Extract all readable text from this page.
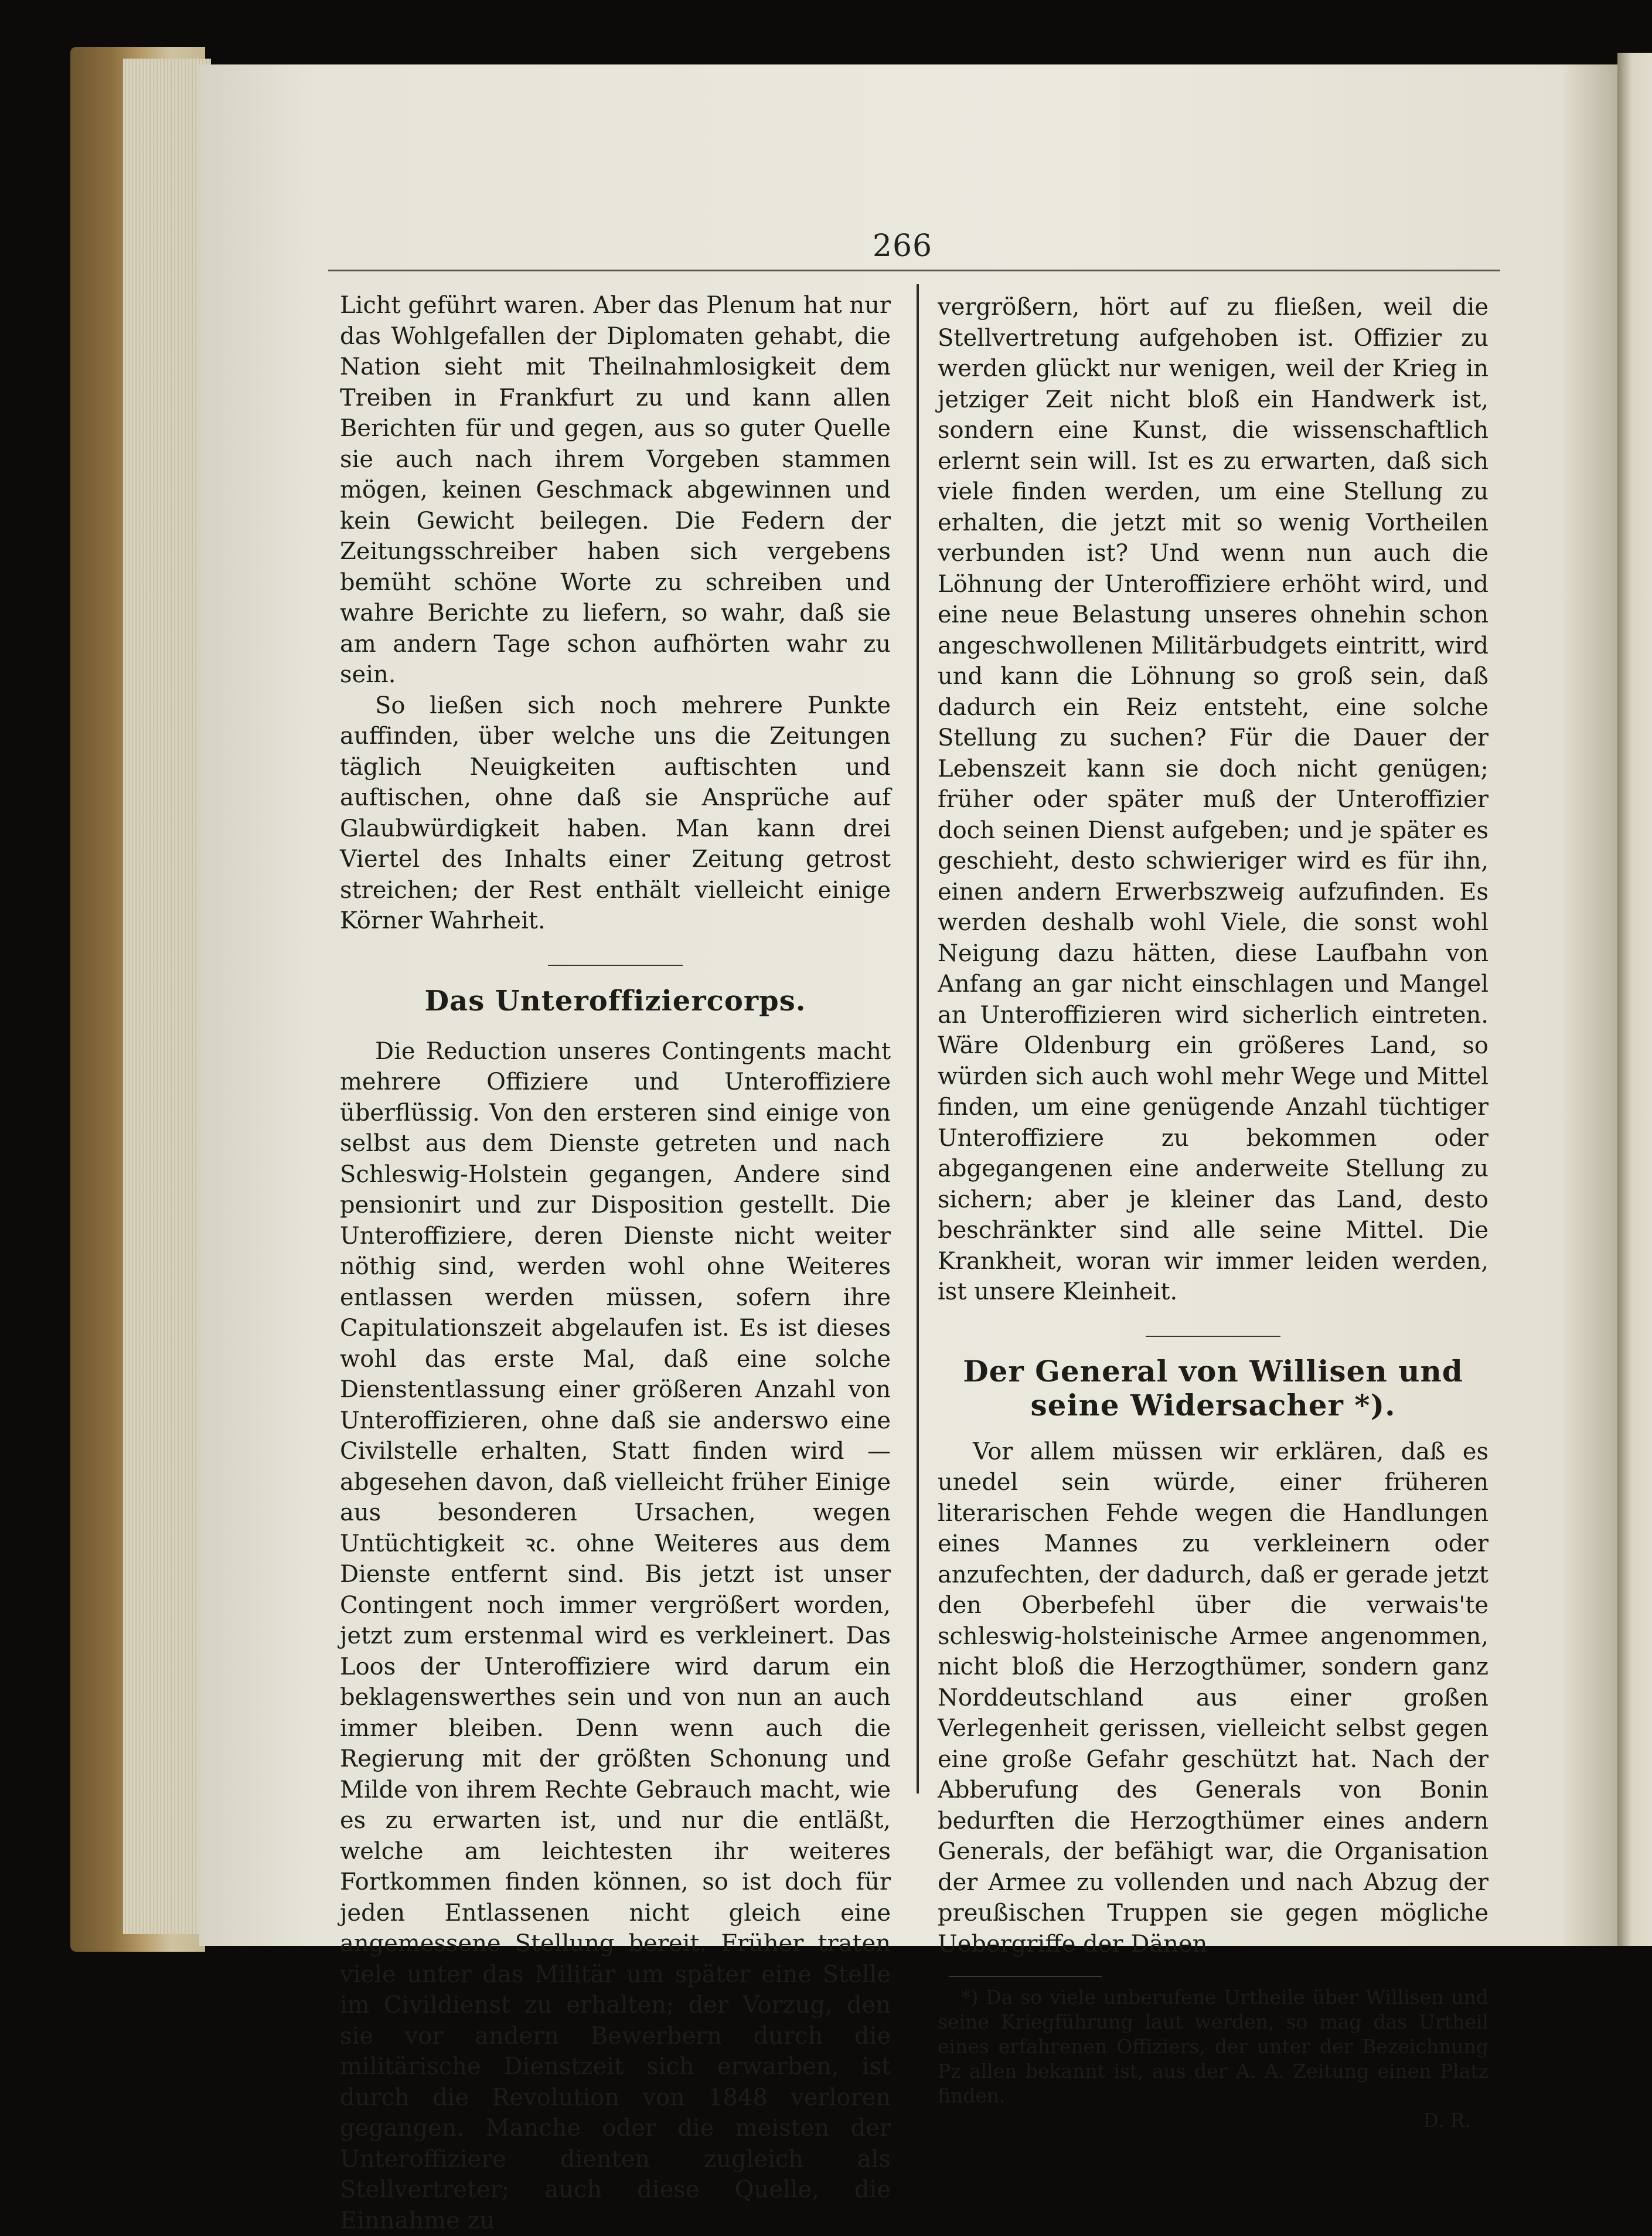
266

Licht geführt waren. Aber das Plenum hat nur das Wohlgefallen der Diplomaten gehabt, die Nation sieht mit Theilnahmlosigkeit dem Treiben in Frankfurt zu und kann allen Berichten für und gegen, aus so guter Quelle sie auch nach ihrem Vorgeben stammen mögen, keinen Geschmack abgewinnen und kein Gewicht beilegen. Die Federn der Zeitungsschreiber haben sich vergebens bemüht schöne Worte zu schreiben und wahre Berichte zu liefern, so wahr, daß sie am andern Tage schon aufhörten wahr zu sein.

So ließen sich noch mehrere Punkte auffinden, über welche uns die Zeitungen täglich Neuigkeiten auftischten und auftischen, ohne daß sie Ansprüche auf Glaubwürdigkeit haben. Man kann drei Viertel des Inhalts einer Zeitung getrost streichen; der Rest enthält vielleicht einige Körner Wahrheit.

Das Unteroffiziercorps.

Die Reduction unseres Contingents macht mehrere Offiziere und Unteroffiziere überflüssig. Von den ersteren sind einige von selbst aus dem Dienste getreten und nach Schleswig-Holstein gegangen, Andere sind pensionirt und zur Disposition gestellt. Die Unteroffiziere, deren Dienste nicht weiter nöthig sind, werden wohl ohne Weiteres entlassen werden müssen, sofern ihre Capitulationszeit abgelaufen ist. Es ist dieses wohl das erste Mal, daß eine solche Dienstentlassung einer größeren Anzahl von Unteroffizieren, ohne daß sie anderswo eine Civilstelle erhalten, Statt finden wird — abgesehen davon, daß vielleicht früher Einige aus besonderen Ursachen, wegen Untüchtigkeit ꝛc. ohne Weiteres aus dem Dienste entfernt sind. Bis jetzt ist unser Contingent noch immer vergrößert worden, jetzt zum erstenmal wird es verkleinert. Das Loos der Unteroffiziere wird darum ein beklagenswerthes sein und von nun an auch immer bleiben. Denn wenn auch die Regierung mit der größten Schonung und Milde von ihrem Rechte Gebrauch macht, wie es zu erwarten ist, und nur die entläßt, welche am leichtesten ihr weiteres Fortkommen finden können, so ist doch für jeden Entlassenen nicht gleich eine angemessene Stellung bereit. Früher traten viele unter das Militär um später eine Stelle im Civildienst zu erhalten; der Vorzug, den sie vor andern Bewerbern durch die militärische Dienstzeit sich erwarben, ist durch die Revolution von 1848 verloren gegangen. Manche oder die meisten der Unteroffiziere dienten zugleich als Stellvertreter; auch diese Quelle, die Einnahme zu

vergrößern, hört auf zu fließen, weil die Stellvertretung aufgehoben ist. Offizier zu werden glückt nur wenigen, weil der Krieg in jetziger Zeit nicht bloß ein Handwerk ist, sondern eine Kunst, die wissenschaftlich erlernt sein will. Ist es zu erwarten, daß sich viele finden werden, um eine Stellung zu erhalten, die jetzt mit so wenig Vortheilen verbunden ist? Und wenn nun auch die Löhnung der Unteroffiziere erhöht wird, und eine neue Belastung unseres ohnehin schon angeschwollenen Militärbudgets eintritt, wird und kann die Löhnung so groß sein, daß dadurch ein Reiz entsteht, eine solche Stellung zu suchen? Für die Dauer der Lebenszeit kann sie doch nicht genügen; früher oder später muß der Unteroffizier doch seinen Dienst aufgeben; und je später es geschieht, desto schwieriger wird es für ihn, einen andern Erwerbszweig aufzufinden. Es werden deshalb wohl Viele, die sonst wohl Neigung dazu hätten, diese Laufbahn von Anfang an gar nicht einschlagen und Mangel an Unteroffizieren wird sicherlich eintreten. Wäre Oldenburg ein größeres Land, so würden sich auch wohl mehr Wege und Mittel finden, um eine genügende Anzahl tüchtiger Unteroffiziere zu bekommen oder abgegangenen eine anderweite Stellung zu sichern; aber je kleiner das Land, desto beschränkter sind alle seine Mittel. Die Krankheit, woran wir immer leiden werden, ist unsere Kleinheit.

Der General von Willisen und seine Widersacher *).

Vor allem müssen wir erklären, daß es unedel sein würde, einer früheren literarischen Fehde wegen die Handlungen eines Mannes zu verkleinern oder anzufechten, der dadurch, daß er gerade jetzt den Oberbefehl über die verwais'te schleswig-holsteinische Armee angenommen, nicht bloß die Herzogthümer, sondern ganz Norddeutschland aus einer großen Verlegenheit gerissen, vielleicht selbst gegen eine große Gefahr geschützt hat. Nach der Abberufung des Generals von Bonin bedurften die Herzogthümer eines andern Generals, der befähigt war, die Organisation der Armee zu vollenden und nach Abzug der preußischen Truppen sie gegen mögliche Uebergriffe der Dänen

*) Da so viele unberufene Urtheile über Willisen und seine Kriegführung laut werden, so mag das Urtheil eines erfahrenen Offiziers, der unter der Bezeichnung Pz allen bekannt ist, aus der A. A. Zeitung einen Platz finden.

D. R.
